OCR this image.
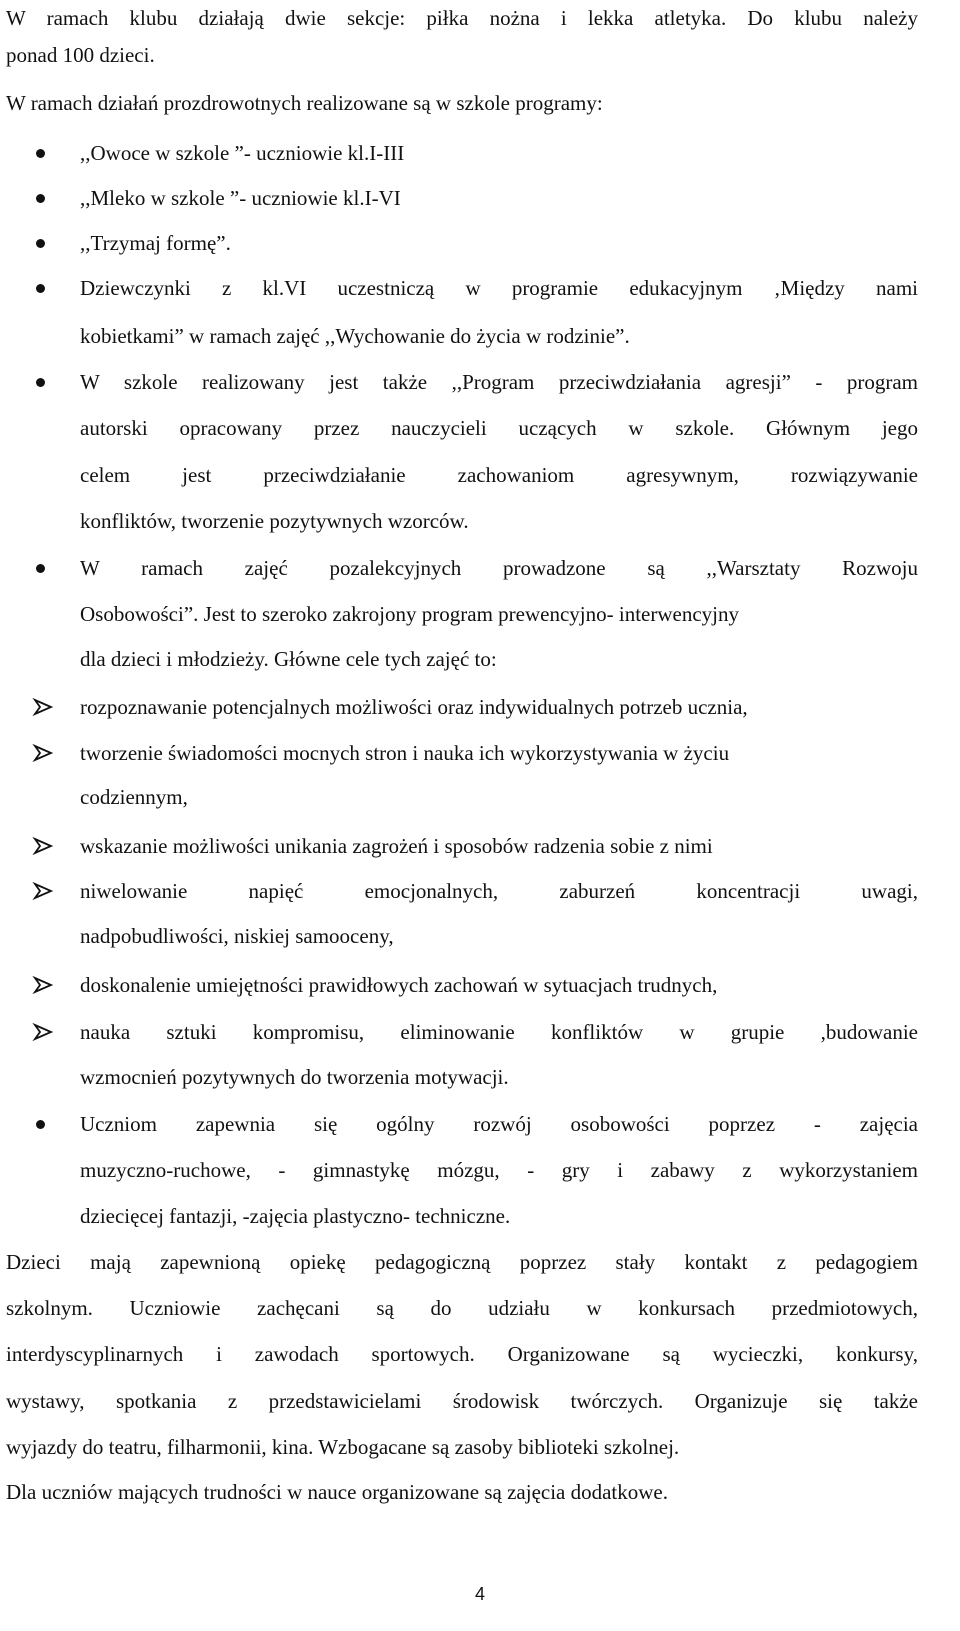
W ramach klubu działają dwie sekcje: piłka nożna i lekka atletyka. Do klubu należy
ponad 100 dzieci.
W ramach działań prozdrowotnych realizowane są w szkole programy:
,,Owoce w szkole ”- uczniowie kl.I-III
,,Mleko w szkole ”- uczniowie kl.I-VI
,,Trzymaj formę”.
Dziewczynki z kl.VI uczestniczą w programie edukacyjnym ‚Między nami
kobietkami” w ramach zajęć ,,Wychowanie do życia w rodzinie”.
W szkole realizowany jest także ,,Program przeciwdziałania agresji” - program
autorski opracowany przez nauczycieli uczących w szkole. Głównym jego
celem jest przeciwdziałanie zachowaniom agresywnym, rozwiązywanie
konfliktów, tworzenie pozytywnych wzorców.
W ramach zajęć pozalekcyjnych prowadzone są ,,Warsztaty Rozwoju
Osobowości”. Jest to szeroko zakrojony program prewencyjno- interwencyjny
dla dzieci i młodzieży. Główne cele tych zajęć to:
rozpoznawanie potencjalnych możliwości oraz indywidualnych potrzeb ucznia,
tworzenie świadomości mocnych stron i nauka ich wykorzystywania w życiu
codziennym,
wskazanie możliwości unikania zagrożeń i sposobów radzenia sobie z nimi
niwelowanie napięć emocjonalnych, zaburzeń koncentracji uwagi,
nadpobudliwości, niskiej samooceny,
doskonalenie umiejętności prawidłowych zachowań w sytuacjach trudnych,
nauka sztuki kompromisu, eliminowanie konfliktów w grupie ,budowanie
wzmocnień pozytywnych do tworzenia motywacji.
Uczniom zapewnia się ogólny rozwój osobowości poprzez - zajęcia
muzyczno-ruchowe, - gimnastykę mózgu, - gry i zabawy z wykorzystaniem
dziecięcej fantazji, -zajęcia plastyczno- techniczne.
Dzieci mają zapewnioną opiekę pedagogiczną poprzez stały kontakt z pedagogiem
szkolnym. Uczniowie zachęcani są do udziału w konkursach przedmiotowych,
interdyscyplinarnych i zawodach sportowych. Organizowane są wycieczki, konkursy,
wystawy, spotkania z przedstawicielami środowisk twórczych. Organizuje się także
wyjazdy do teatru, filharmonii, kina. Wzbogacane są zasoby biblioteki szkolnej.
Dla uczniów mających trudności w nauce organizowane są zajęcia dodatkowe.
4
